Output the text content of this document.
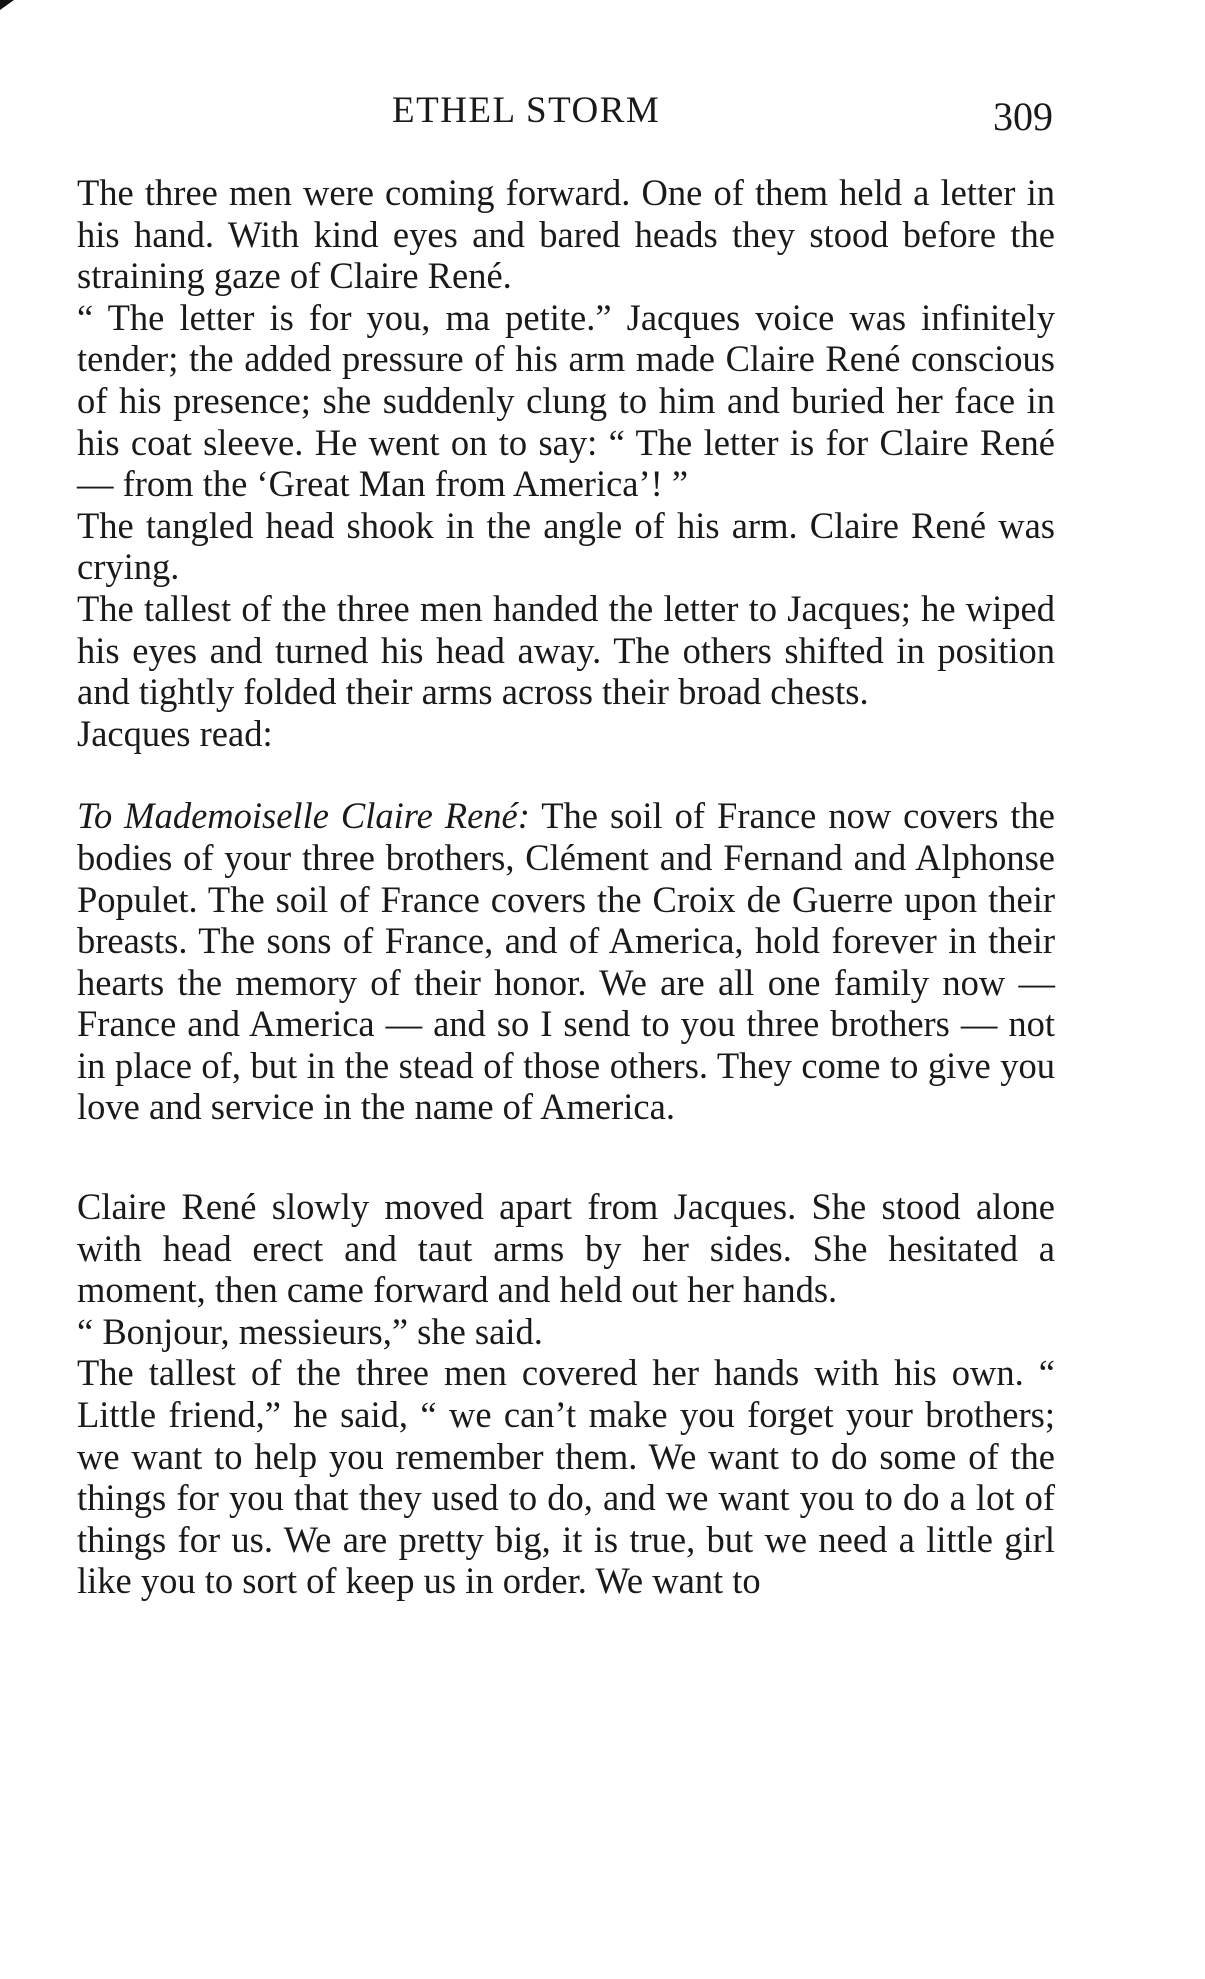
ETHEL STORM	309

The three men were coming forward. One of them held a letter in his hand. With kind eyes and bared heads they stood before the straining gaze of Claire René.

“ The letter is for you, ma petite.” Jacques voice was infinitely tender; the added pressure of his arm made Claire René conscious of his presence; she suddenly clung to him and buried her face in his coat sleeve. He went on to say: “ The letter is for Claire René — from the ‘Great Man from America’! ”

The tangled head shook in the angle of his arm. Claire René was crying.

The tallest of the three men handed the letter to Jacques; he wiped his eyes and turned his head away. The others shifted in position and tightly folded their arms across their broad chests.

Jacques read:

To Mademoiselle Claire René: The soil of France now covers the bodies of your three brothers, Clément and Fernand and Alphonse Populet. The soil of France covers the Croix de Guerre upon their breasts. The sons of France, and of America, hold forever in their hearts the memory of their honor. We are all one family now — France and America — and so I send to you three brothers — not in place of, but in the stead of those others. They come to give you love and service in the name of America.

Claire René slowly moved apart from Jacques. She stood alone with head erect and taut arms by her sides. She hesitated a moment, then came forward and held out her hands.

“ Bonjour, messieurs,” she said.

The tallest of the three men covered her hands with his own. “ Little friend,” he said, “ we can’t make you forget your brothers; we want to help you remember them. We want to do some of the things for you that they used to do, and we want you to do a lot of things for us. We are pretty big, it is true, but we need a little girl like you to sort of keep us in order. We want to
